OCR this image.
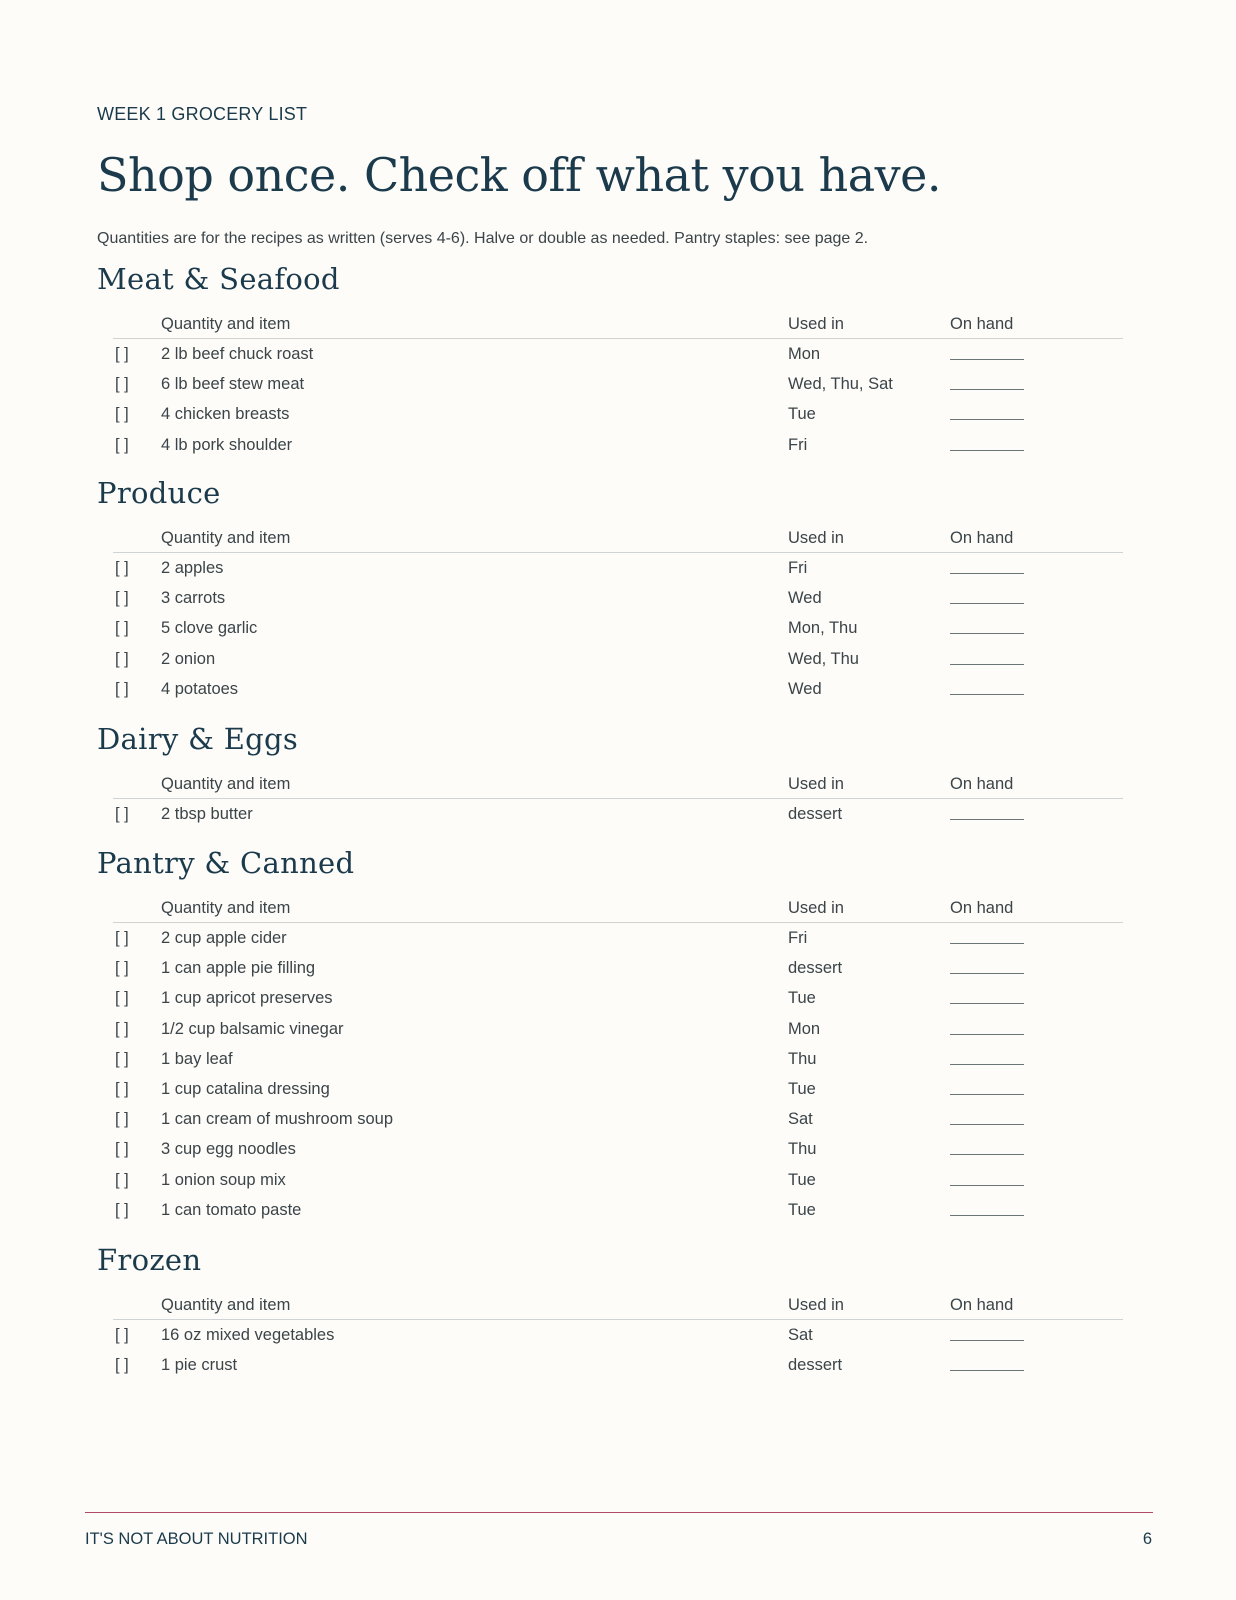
WEEK 1 GROCERY LIST
Shop once. Check off what you have.
Quantities are for the recipes as written (serves 4-6). Halve or double as needed. Pantry staples: see page 2.
Meat & Seafood
Quantity and item	Used in	On hand
[ ] 2 lb beef chuck roast	Mon
[ ] 6 lb beef stew meat	Wed, Thu, Sat
[ ] 4 chicken breasts	Tue
[ ] 4 lb pork shoulder	Fri
Produce
Quantity and item	Used in	On hand
[ ] 2 apples	Fri
[ ] 3 carrots	Wed
[ ] 5 clove garlic	Mon, Thu
[ ] 2 onion	Wed, Thu
[ ] 4 potatoes	Wed
Dairy & Eggs
Quantity and item	Used in	On hand
[ ] 2 tbsp butter	dessert
Pantry & Canned
Quantity and item	Used in	On hand
[ ] 2 cup apple cider	Fri
[ ] 1 can apple pie filling	dessert
[ ] 1 cup apricot preserves	Tue
[ ] 1/2 cup balsamic vinegar	Mon
[ ] 1 bay leaf	Thu
[ ] 1 cup catalina dressing	Tue
[ ] 1 can cream of mushroom soup	Sat
[ ] 3 cup egg noodles	Thu
[ ] 1 onion soup mix	Tue
[ ] 1 can tomato paste	Tue
Frozen
Quantity and item	Used in	On hand
[ ] 16 oz mixed vegetables	Sat
[ ] 1 pie crust	dessert
IT'S NOT ABOUT NUTRITION	6
